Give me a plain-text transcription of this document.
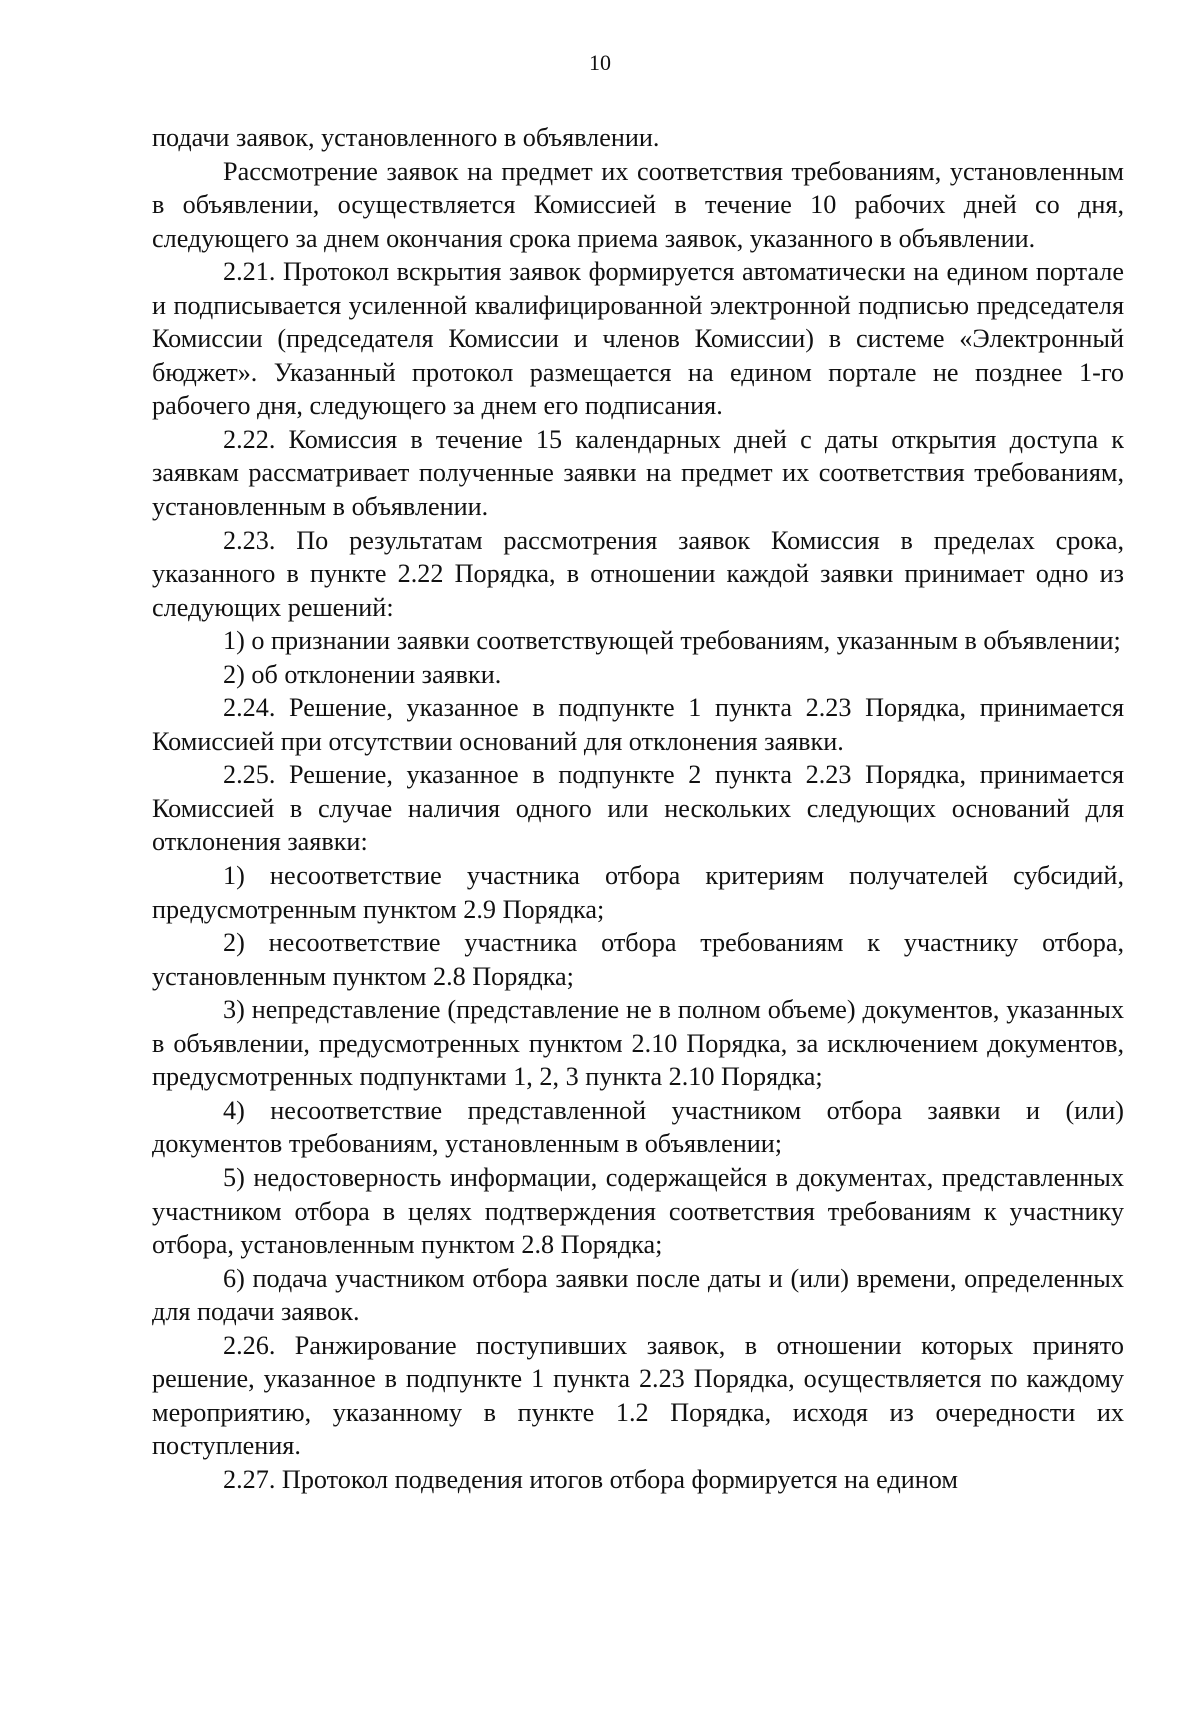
10

подачи заявок, установленного в объявлении.

Рассмотрение заявок на предмет их соответствия требованиям, установленным в объявлении, осуществляется Комиссией в течение 10 рабочих дней со дня, следующего за днем окончания срока приема заявок, указанного в объявлении.

2.21. Протокол вскрытия заявок формируется автоматически на едином портале и подписывается усиленной квалифицированной электронной подписью председателя Комиссии (председателя Комиссии и членов Комиссии) в системе «Электронный бюджет». Указанный протокол размещается на едином портале не позднее 1-го рабочего дня, следующего за днем его подписания.

2.22. Комиссия в течение 15 календарных дней с даты открытия доступа к заявкам рассматривает полученные заявки на предмет их соответствия требованиям, установленным в объявлении.

2.23. По результатам рассмотрения заявок Комиссия в пределах срока, указанного в пункте 2.22 Порядка, в отношении каждой заявки принимает одно из следующих решений:

1) о признании заявки соответствующей требованиям, указанным в объявлении;

2) об отклонении заявки.

2.24. Решение, указанное в подпункте 1 пункта 2.23 Порядка, принимается Комиссией при отсутствии оснований для отклонения заявки.

2.25. Решение, указанное в подпункте 2 пункта 2.23 Порядка, принимается Комиссией в случае наличия одного или нескольких следующих оснований для отклонения заявки:

1) несоответствие участника отбора критериям получателей субсидий, предусмотренным пунктом 2.9 Порядка;

2) несоответствие участника отбора требованиям к участнику отбора, установленным пунктом 2.8 Порядка;

3) непредставление (представление не в полном объеме) документов, указанных в объявлении, предусмотренных пунктом 2.10 Порядка, за исключением документов, предусмотренных подпунктами 1, 2, 3 пункта 2.10 Порядка;

4) несоответствие представленной участником отбора заявки и (или) документов требованиям, установленным в объявлении;

5) недостоверность информации, содержащейся в документах, представленных участником отбора в целях подтверждения соответствия требованиям к участнику отбора, установленным пунктом 2.8 Порядка;

6) подача участником отбора заявки после даты и (или) времени, определенных для подачи заявок.

2.26. Ранжирование поступивших заявок, в отношении которых принято решение, указанное в подпункте 1 пункта 2.23 Порядка, осуществляется по каждому мероприятию, указанному в пункте 1.2 Порядка, исходя из очередности их поступления.

2.27. Протокол подведения итогов отбора формируется на едином
